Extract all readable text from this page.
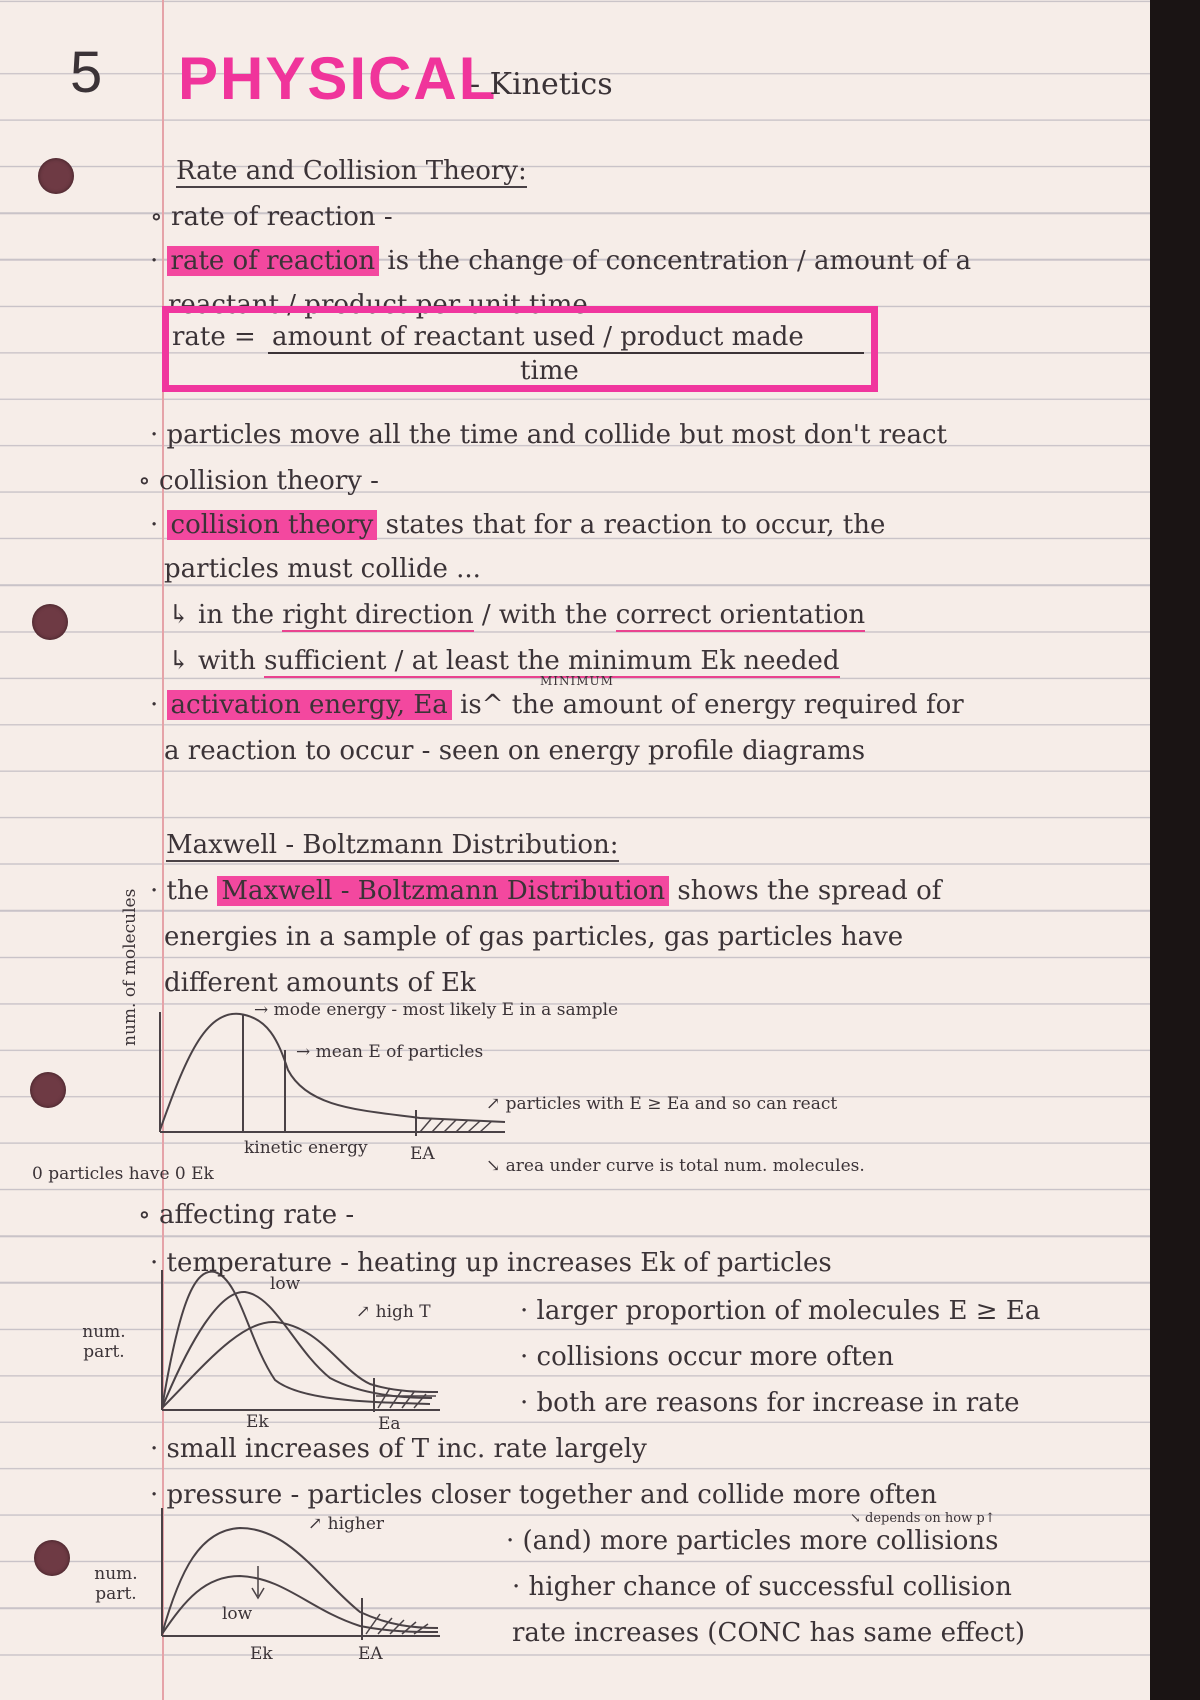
5 PHYSICAL
- Kinetics
Rate and Collision Theory:
∘ rate of reaction -
· rate of reaction is the change of concentration / amount of a
reactant / product per unit time
rate = amount of reactant used / product made
time
· particles move all the time and collide but most don't react
∘ collision theory -
· collision theory states that for a reaction to occur, the
particles must collide ...
↳ in the right direction / with the correct orientation
↳ with sufficient / at least the minimum Ek needed
MINIMUM
· activation energy, Ea is^ the amount of energy required for
a reaction to occur - seen on energy profile diagrams
Maxwell - Boltzmann Distribution:
· the Maxwell - Boltzmann Distribution shows the spread of
energies in a sample of gas particles, gas particles have
different amounts of Ek
num. of molecules	→ mode energy - most likely E in a sample
→ mean E of particles
↗ particles with E ≥ Ea and so can react
kinetic energy EA
0 particles have 0 Ek	↘ area under curve is total num. molecules.
∘ affecting rate -
· temperature - heating up increases Ek of particles
num. part.
low
↗ high T
Ek	Ea
· larger proportion of molecules E ≥ Ea
· collisions occur more often
· both are reasons for increase in rate
· small increases of T inc. rate largely
· pressure - particles closer together and collide more often
↘ depends on how p↑
num. part.
↗ higher
low
Ek	EA
· (and) more particles more collisions
· higher chance of successful collision
rate increases (CONC has same effect)
